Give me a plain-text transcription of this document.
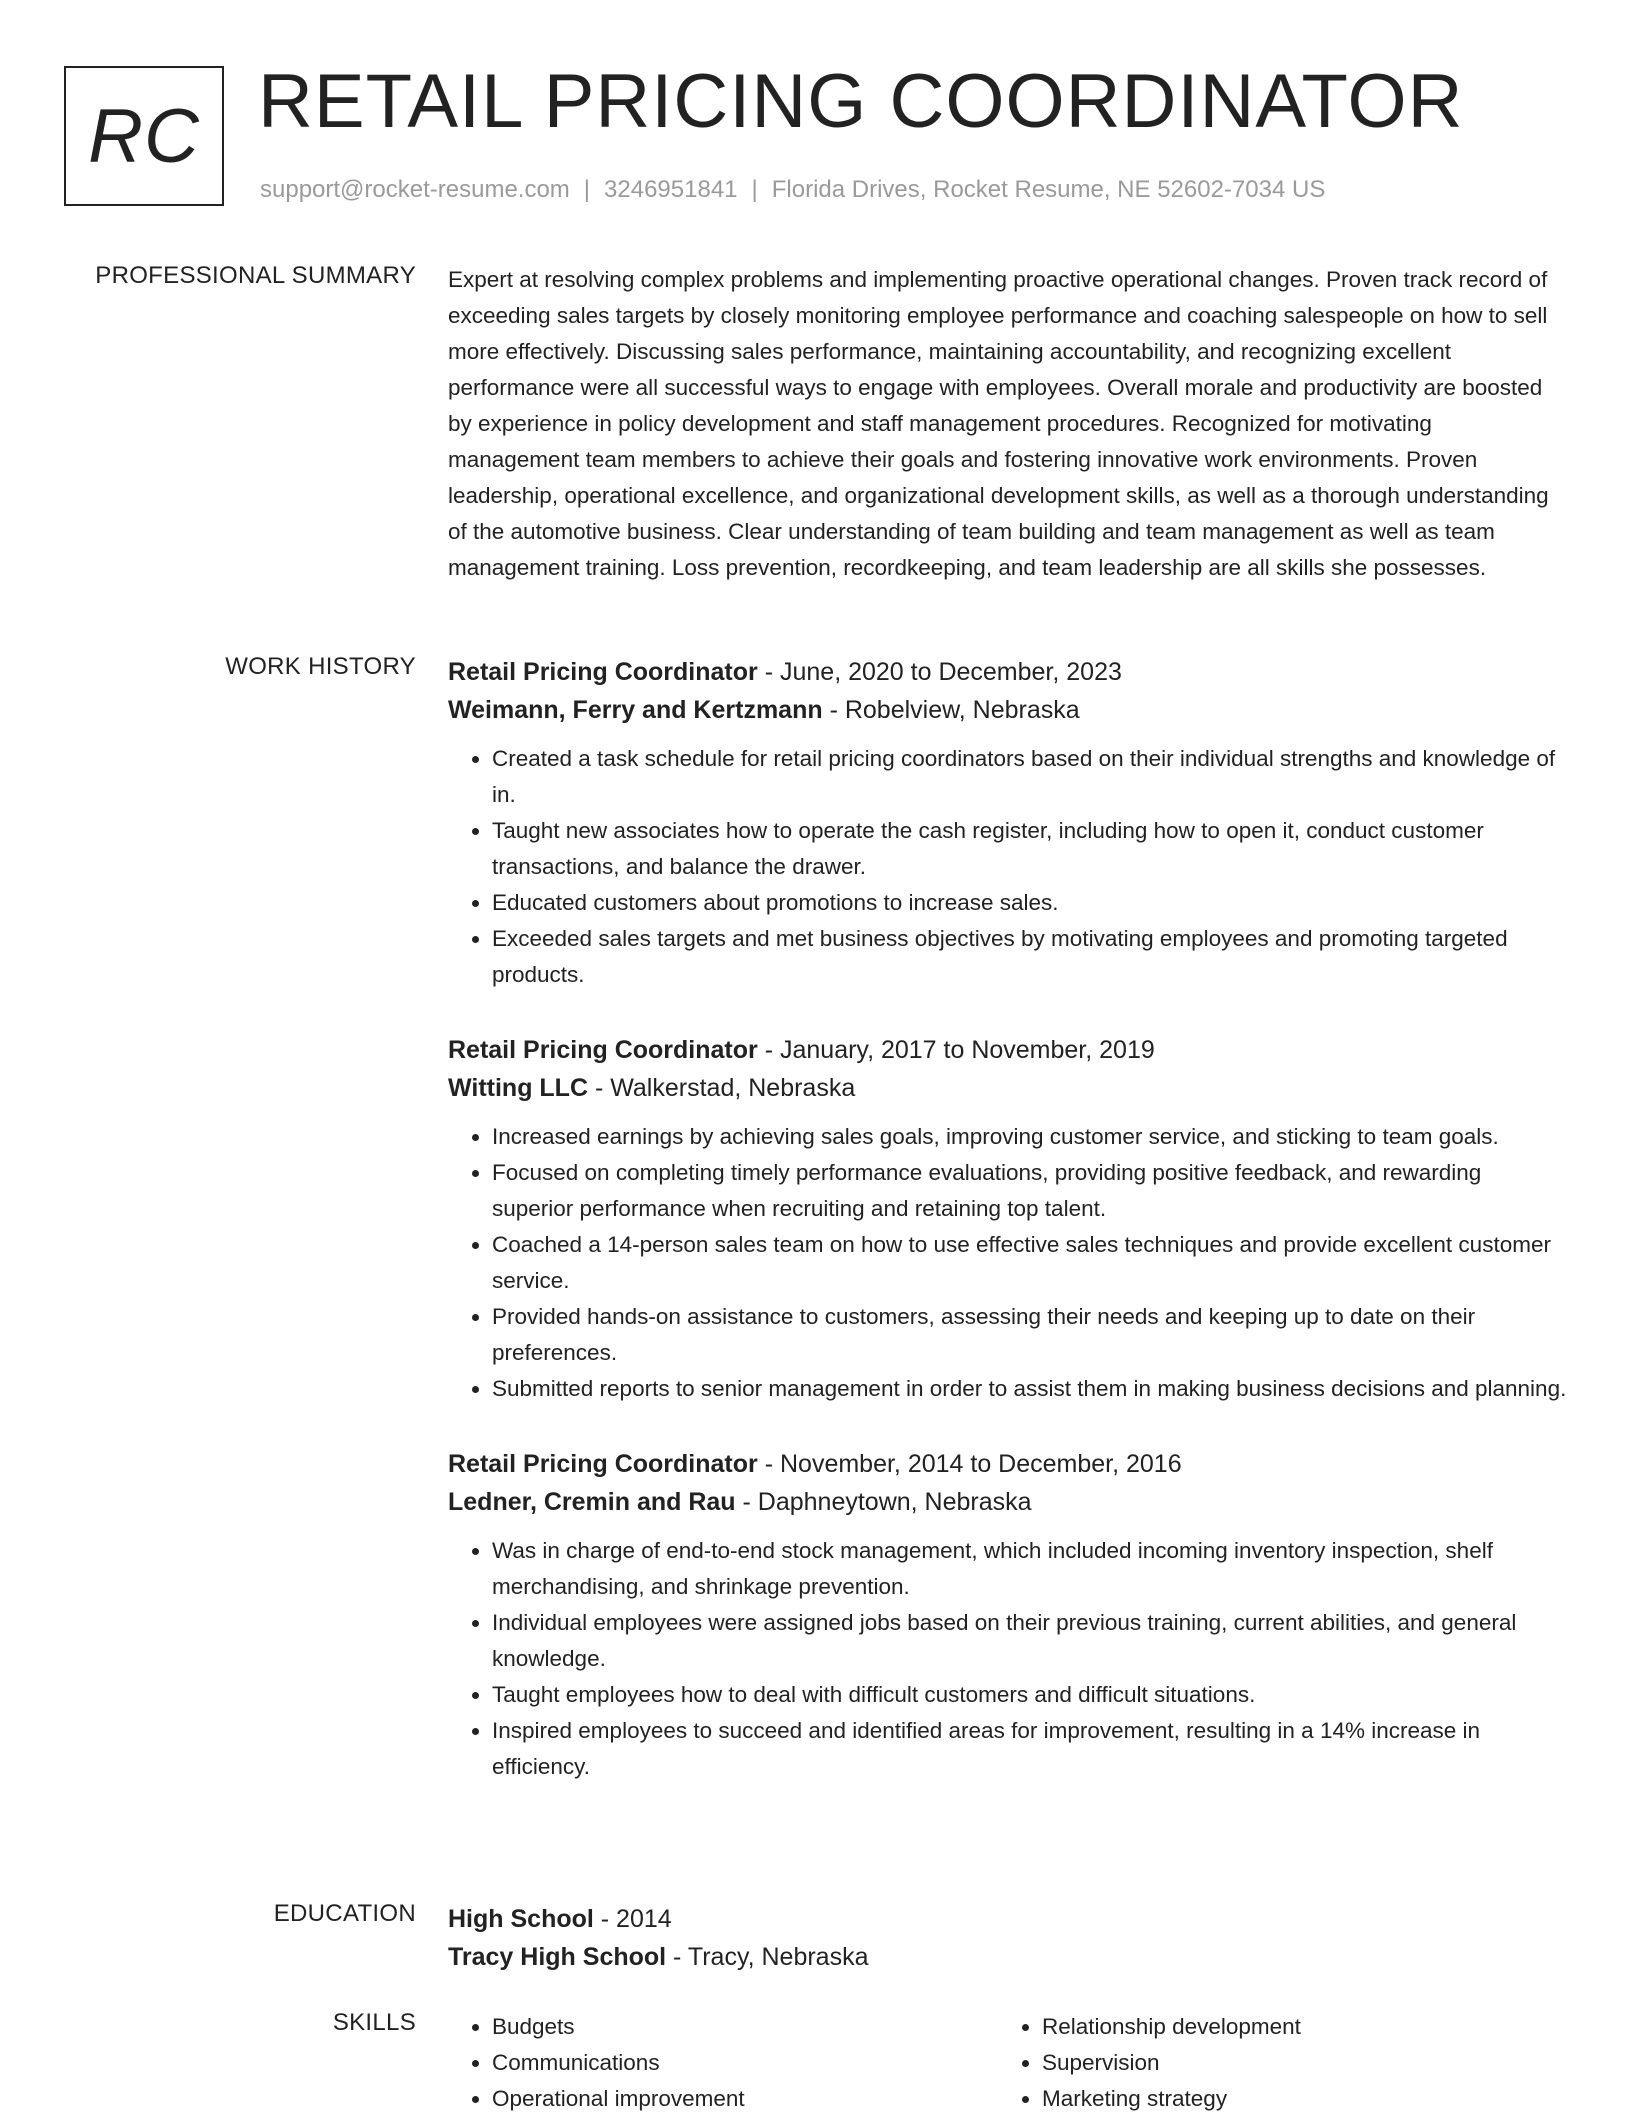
RC RETAIL PRICING COORDINATOR
support@rocket-resume.com | 3246951841 | Florida Drives, Rocket Resume, NE 52602-7034 US
PROFESSIONAL SUMMARY Expert at resolving complex problems and implementing proactive operational changes. Proven track record of exceeding sales targets by closely monitoring employee performance and coaching salespeople on how to sell more effectively. Discussing sales performance, maintaining accountability, and recognizing excellent performance were all successful ways to engage with employees. Overall morale and productivity are boosted by experience in policy development and staff management procedures. Recognized for motivating management team members to achieve their goals and fostering innovative work environments. Proven leadership, operational excellence, and organizational development skills, as well as a thorough understanding of the automotive business. Clear understanding of team building and team management as well as team management training. Loss prevention, recordkeeping, and team leadership are all skills she possesses.

WORK HISTORY Retail Pricing Coordinator - June, 2020 to December, 2023
Weimann, Ferry and Kertzmann - Robelview, Nebraska
• Created a task schedule for retail pricing coordinators based on their individual strengths and knowledge of in.
• Taught new associates how to operate the cash register, including how to open it, conduct customer transactions, and balance the drawer.
• Educated customers about promotions to increase sales.
• Exceeded sales targets and met business objectives by motivating employees and promoting targeted products.
Retail Pricing Coordinator - January, 2017 to November, 2019
Witting LLC - Walkerstad, Nebraska
• Increased earnings by achieving sales goals, improving customer service, and sticking to team goals.
• Focused on completing timely performance evaluations, providing positive feedback, and rewarding superior performance when recruiting and retaining top talent.
• Coached a 14-person sales team on how to use effective sales techniques and provide excellent customer service.
• Provided hands-on assistance to customers, assessing their needs and keeping up to date on their preferences.
• Submitted reports to senior management in order to assist them in making business decisions and planning.
Retail Pricing Coordinator - November, 2014 to December, 2016
Ledner, Cremin and Rau - Daphneytown, Nebraska
• Was in charge of end-to-end stock management, which included incoming inventory inspection, shelf merchandising, and shrinkage prevention.
• Individual employees were assigned jobs based on their previous training, current abilities, and general knowledge.
• Taught employees how to deal with difficult customers and difficult situations.
• Inspired employees to succeed and identified areas for improvement, resulting in a 14% increase in efficiency.
EDUCATION High School - 2014
Tracy High School - Tracy, Nebraska
SKILLS
•	Budgets
• Communications
• Operational improvement
• Relationship development
• Supervision
• Marketing strategy
